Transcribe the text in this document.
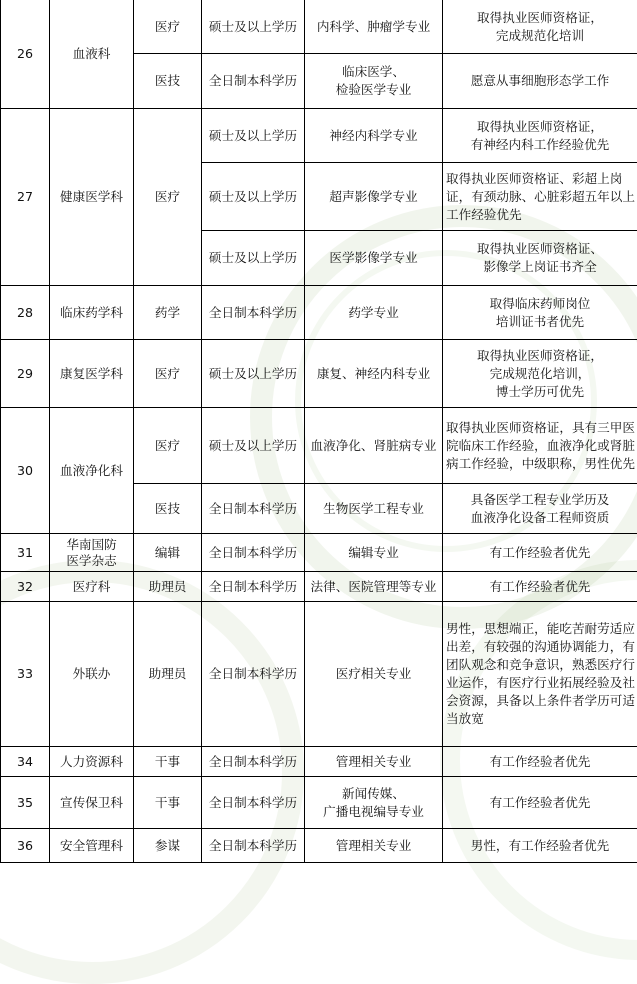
26	血液科	医疗	硕士及以上学历	内科学、肿瘤学专业	取得执业医师资格证，
完成规范化培训

		医技	全日制本科学历	临床医学、
检验医学专业	愿意从事细胞形态学工作

27	健康医学科	医疗	硕士及以上学历	神经内科学专业	取得执业医师资格证，
有神经内科工作经验优先

			硕士及以上学历	超声影像学专业	取得执业医师资格证、彩超上岗证，有颈动脉、心脏彩超五年以上工作经验优先
			硕士及以上学历	医学影像学专业	取得执业医师资格证、
影像学上岗证书齐全

28	临床药学科	药学	全日制本科学历	药学专业	取得临床药师岗位
培训证书者优先

29	康复医学科	医疗	硕士及以上学历	康复、神经内科专业	取得执业医师资格证，
完成规范化培训，
博士学历可优先

30	血液净化科	医疗	硕士及以上学历	血液净化、肾脏病专业	取得执业医师资格证，具有三甲医院临床工作经验，血液净化或肾脏病工作经验，中级职称，男性优先
		医技	全日制本科学历	生物医学工程专业	具备医学工程专业学历及
血液净化设备工程师资质

31	华南国防
医学杂志	编辑	全日制本科学历	编辑专业	有工作经验者优先

32	医疗科	助理员	全日制本科学历	法律、医院管理等专业	有工作经验者优先

33	外联办	助理员	全日制本科学历	医疗相关专业	男性，思想端正，能吃苦耐劳适应出差，有较强的沟通协调能力，有团队观念和竞争意识，熟悉医疗行业运作，有医疗行业拓展经验及社会资源，具备以上条件者学历可适当放宽
34	人力资源科	干事	全日制本科学历	管理相关专业	有工作经验者优先

35	宣传保卫科	干事	全日制本科学历	新闻传媒、
广播电视编导专业	有工作经验者优先

36	安全管理科	参谋	全日制本科学历	管理相关专业	男性，有工作经验者优先
